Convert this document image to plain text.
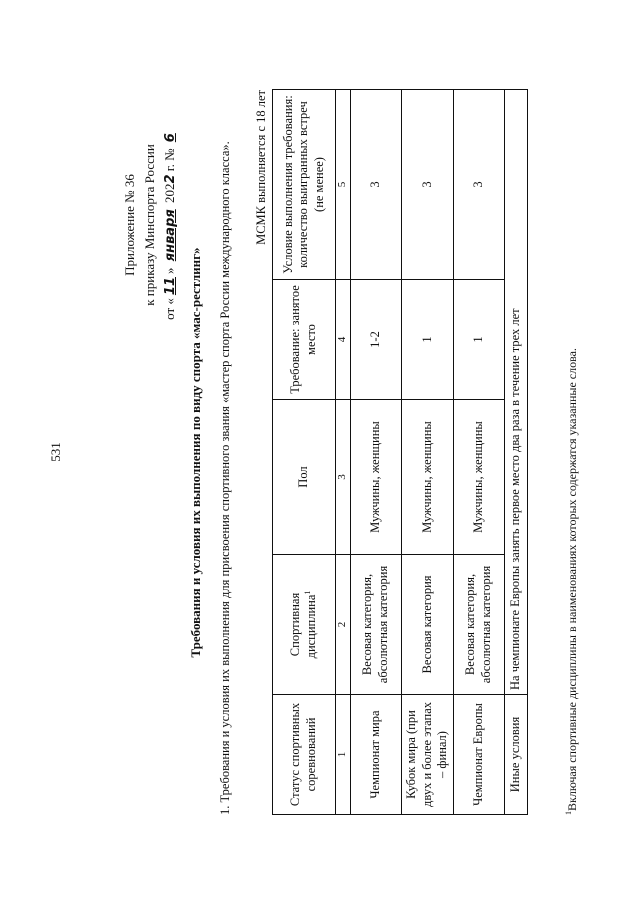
531
Приложение № 36 к приказу Минспорта России
от «11» января 2022 г. № 6
Требования и условия их выполнения по виду спорта «мас-рестлинг» 1. Требования и условия их выполнения для присвоения спортивного звания «мастер спорта России международного класса». МСМК выполняется с 18 лет
Статус спортивных соревнований	Спортивная дисциплина$^1$	Пол	Требование: занятое место	Условие выполнения требования: количество выигранных встреч (не менее)
1	2	3	4	5
Чемпионат мира	Весовая категория, абсолютная категория	Мужчины, женщины	1-2	3
Кубок мира (при двух и более этапах – финал)	Весовая категория	Мужчины, женщины	1	3
Чемпионат Европы	Весовая категория, абсолютная категория	Мужчины, женщины	1	3
Иные условия	На чемпионате Европы занять первое место два раза в течение трех лет			
$^1$Включая спортивные дисциплины в наименованиях которых содержатся указанные слова.
